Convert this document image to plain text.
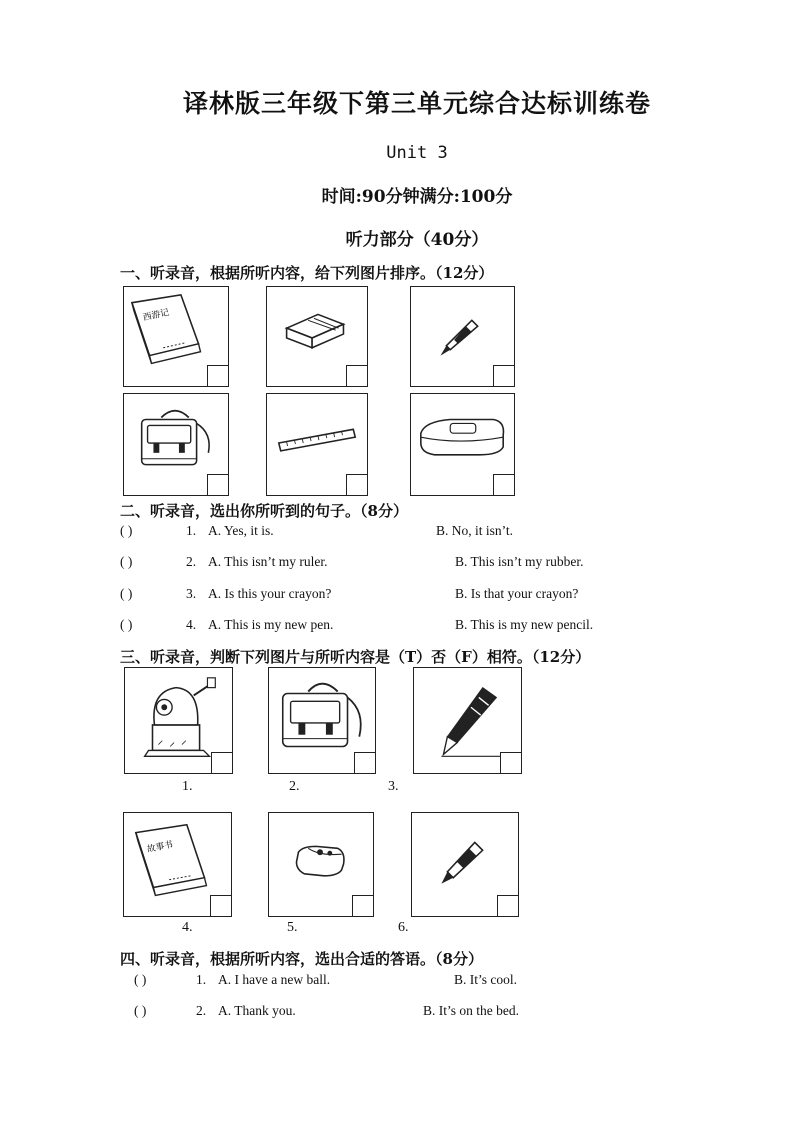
译林版三年级下第三单元综合达标训练卷
Unit 3
时间:90分钟满分:100分
听力部分（40分）
一、听录音，根据所听内容，给下列图片排序。（12分）
西游记
二、听录音，选出你所听到的句子。（8分）
( )	1. A. Yes, it is.	B. No, it isn’t.
( )	2. A. This isn’t my ruler.	B. This isn’t my rubber.
( )	3. A. Is this your crayon?	B. Is that your crayon?
( )	4. A. This is my new pen.	B. This is my new pencil.
三、听录音，判断下列图片与所听内容是（T）否（F）相符。（12分）
1.	2.	3.
故事书
4.	5.	6.
四、听录音，根据所听内容，选出合适的答语。（8分）
( )	1. A. I have a new ball.	B. It’s cool.
( )	2. A. Thank you.	B. It’s on the bed.
